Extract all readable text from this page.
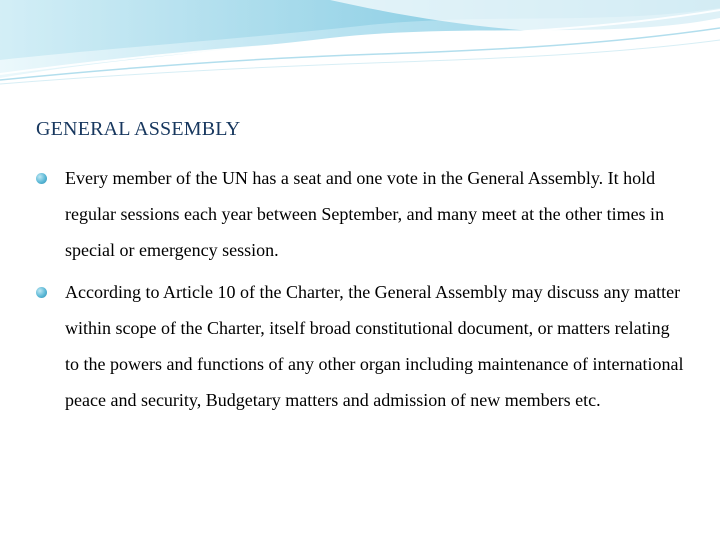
GENERAL ASSEMBLY
Every member of the UN has a seat and one vote in the General Assembly. It hold regular sessions each year between September, and many meet at the other times in special or emergency session.
According to Article 10 of the Charter, the General Assembly may discuss any matter within scope of the Charter, itself broad constitutional document, or matters relating to the powers and functions of any other organ including maintenance of international peace and security, Budgetary matters and admission of new members etc.
